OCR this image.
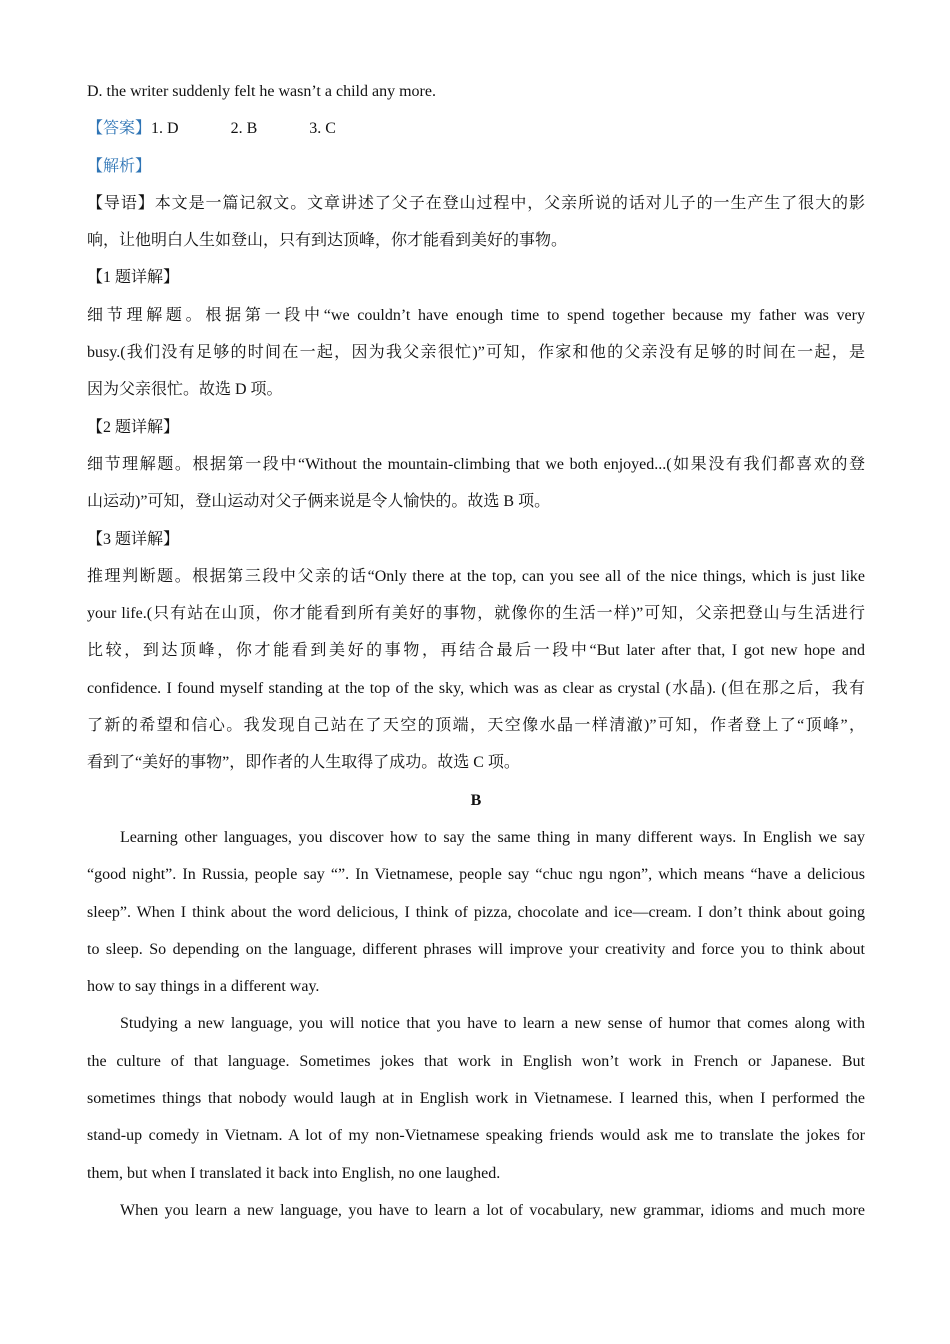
D. the writer suddenly felt he wasn’t a child any more.
【答案】1. D	2. B	3. C
【解析】
【导语】本文是一篇记叙文。文章讲述了父子在登山过程中，父亲所说的话对儿子的一生产生了很大的影
响，让他明白人生如登山，只有到达顶峰，你才能看到美好的事物。
【1 题详解】
细节理解题。根据第一段中“we couldn’t have enough time to spend together because my father was very
busy.(我们没有足够的时间在一起，因为我父亲很忙)”可知，作家和他的父亲没有足够的时间在一起，是
因为父亲很忙。故选 D 项。
【2 题详解】
细节理解题。根据第一段中“Without the mountain-climbing that we both enjoyed...(如果没有我们都喜欢的登
山运动)”可知，登山运动对父子俩来说是令人愉快的。故选 B 项。
【3 题详解】
推理判断题。根据第三段中父亲的话“Only there at the top, can you see all of the nice things, which is just like
your life.(只有站在山顶，你才能看到所有美好的事物，就像你的生活一样)”可知，父亲把登山与生活进行
比较，到达顶峰，你才能看到美好的事物，再结合最后一段中“But later after that, I got new hope and
confidence. I found myself standing at the top of the sky, which was as clear as crystal (水晶). (但在那之后，我有
了新的希望和信心。我发现自己站在了天空的顶端，天空像水晶一样清澈)”可知，作者登上了“顶峰”，
看到了“美好的事物”，即作者的人生取得了成功。故选 C 项。
B
Learning other languages, you discover how to say the same thing in many different ways. In English we say
“good night”. In Russia, people say “”. In Vietnamese, people say “chuc ngu ngon”, which means “have a delicious
sleep”. When I think about the word delicious, I think of pizza, chocolate and ice—cream. I don’t think about going
to sleep. So depending on the language, different phrases will improve your creativity and force you to think about
how to say things in a different way.
Studying a new language, you will notice that you have to learn a new sense of humor that comes along with
the culture of that language. Sometimes jokes that work in English won’t work in French or Japanese. But
sometimes things that nobody would laugh at in English work in Vietnamese. I learned this, when I performed the
stand-up comedy in Vietnam. A lot of my non-Vietnamese speaking friends would ask me to translate the jokes for
them, but when I translated it back into English, no one laughed.
When you learn a new language, you have to learn a lot of vocabulary, new grammar, idioms and much more
